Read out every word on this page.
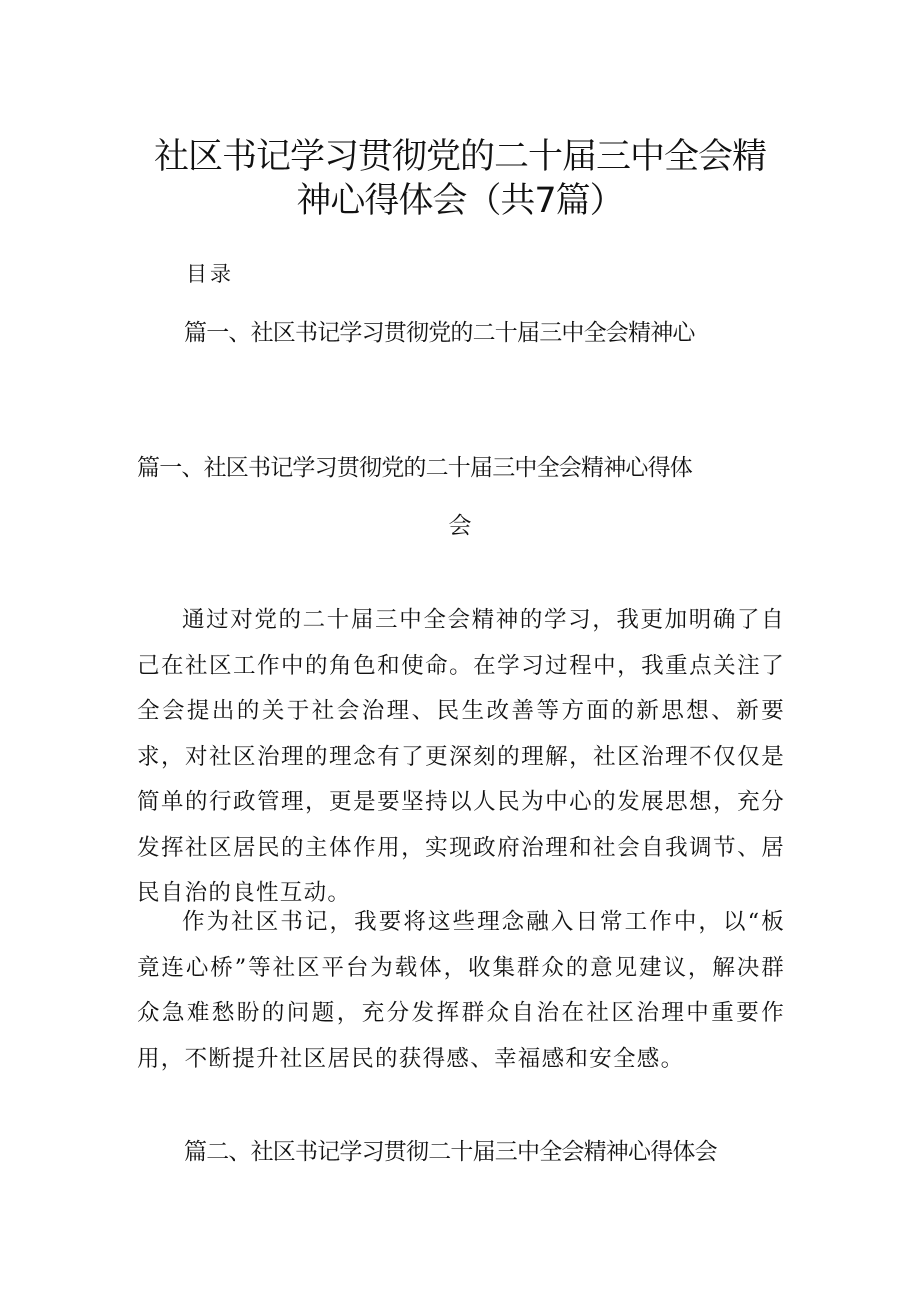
社区书记学习贯彻党的二十届三中全会精
神心得体会（共7篇）
目录
篇一、社区书记学习贯彻党的二十届三中全会精神心
篇一、社区书记学习贯彻党的二十届三中全会精神心得体
会

通过对党的二十届三中全会精神的学习，我更加明确了自己在社区工作中的角色和使命。在学习过程中，我重点关注了全会提出的关于社会治理、民生改善等方面的新思想、新要求，对社区治理的理念有了更深刻的理解，社区治理不仅仅是简单的行政管理，更是要坚持以人民为中心的发展思想，充分发挥社区居民的主体作用，实现政府治理和社会自我调节、居民自治的良性互动。

作为社区书记，我要将这些理念融入日常工作中，以“板竟连心桥”等社区平台为载体，收集群众的意见建议，解决群众急难愁盼的问题，充分发挥群众自治在社区治理中重要作用，不断提升社区居民的获得感、幸福感和安全感。

篇二、社区书记学习贯彻二十届三中全会精神心得体会
